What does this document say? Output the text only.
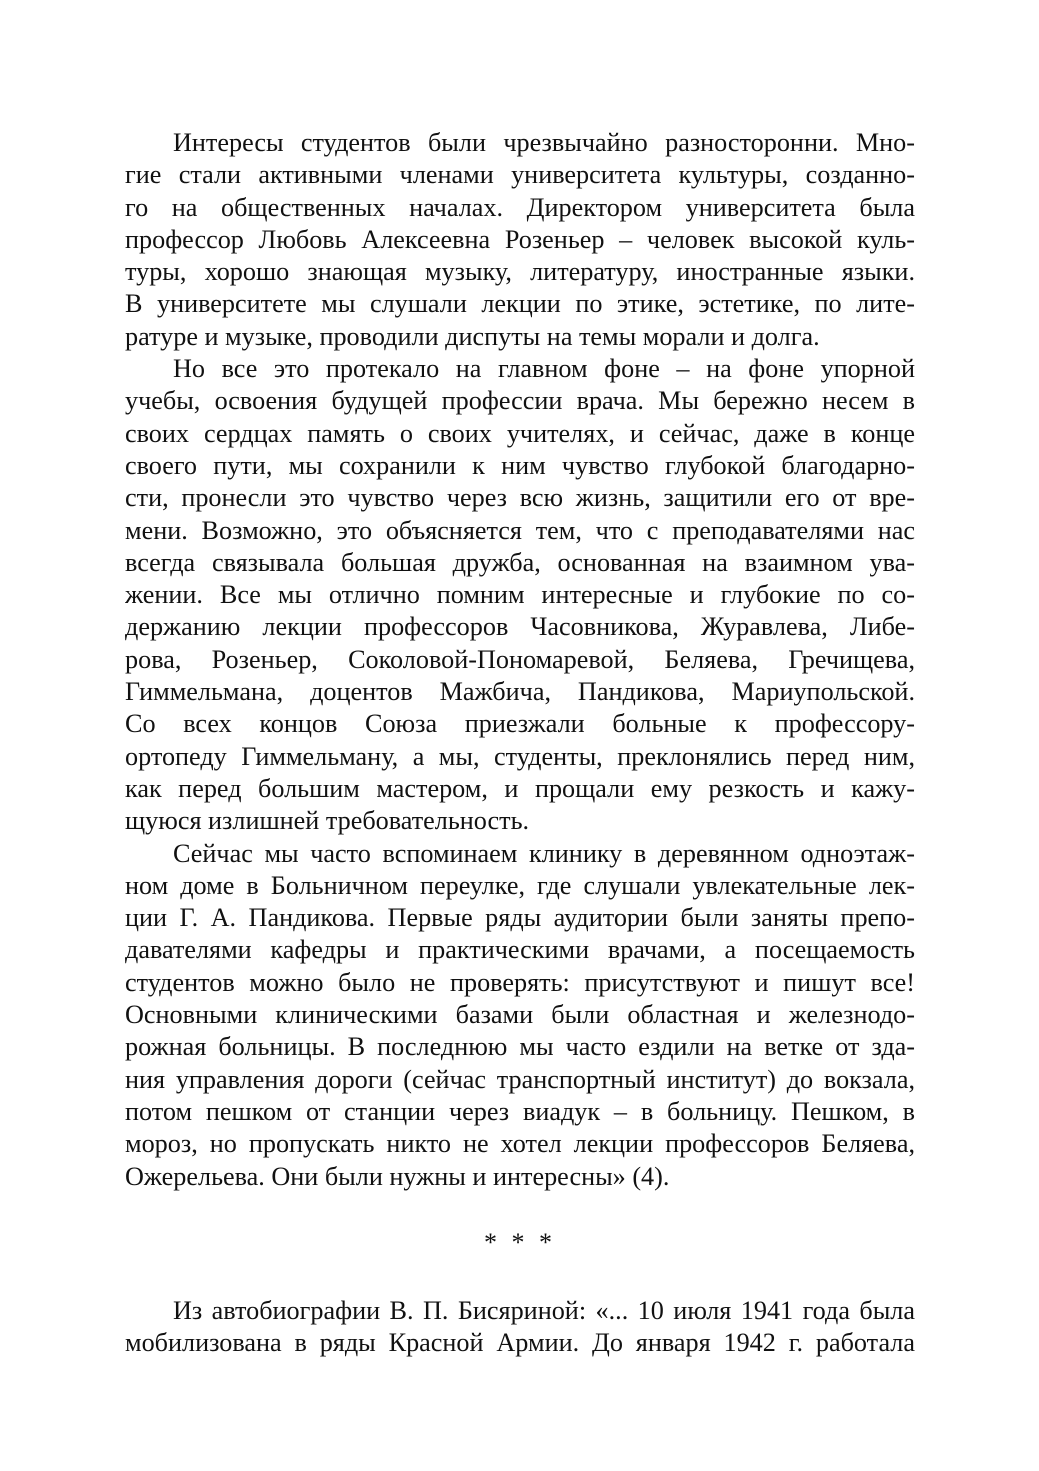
Интересы студентов были чрезвычайно разносторонни. Мно-
гие стали активными членами университета культуры, созданно-
го на общественных началах. Директором университета была
профессор Любовь Алексеевна Розеньер – человек высокой куль-
туры, хорошо знающая музыку, литературу, иностранные языки.
В университете мы слушали лекции по этике, эстетике, по лите-
ратуре и музыке, проводили диспуты на темы морали и долга.
Но все это протекало на главном фоне – на фоне упорной
учебы, освоения будущей профессии врача. Мы бережно несем в
своих сердцах память о своих учителях, и сейчас, даже в конце
своего пути, мы сохранили к ним чувство глубокой благодарно-
сти, пронесли это чувство через всю жизнь, защитили его от вре-
мени. Возможно, это объясняется тем, что с преподавателями нас
всегда связывала большая дружба, основанная на взаимном ува-
жении. Все мы отлично помним интересные и глубокие по со-
держанию лекции профессоров Часовникова, Журавлева, Либе-
рова, Розеньер, Соколовой-Пономаревой, Беляева, Гречищева,
Гиммельмана, доцентов Мажбича, Пандикова, Мариупольской.
Со всех концов Союза приезжали больные к профессору-
ортопеду Гиммельману, а мы, студенты, преклонялись перед ним,
как перед большим мастером, и прощали ему резкость и кажу-
щуюся излишней требовательность.
Сейчас мы часто вспоминаем клинику в деревянном одноэтаж-
ном доме в Больничном переулке, где слушали увлекательные лек-
ции Г. А. Пандикова. Первые ряды аудитории были заняты препо-
давателями кафедры и практическими врачами, а посещаемость
студентов можно было не проверять: присутствуют и пишут все!
Основными клиническими базами были областная и железнодо-
рожная больницы. В последнюю мы часто ездили на ветке от зда-
ния управления дороги (сейчас транспортный институт) до вокзала,
потом пешком от станции через виадук – в больницу. Пешком, в
мороз, но пропускать никто не хотел лекции профессоров Беляева,
Ожерельева. Они были нужны и интересны» (4).
* * *
Из автобиографии В. П. Бисяриной: «... 10 июля 1941 года была
мобилизована в ряды Красной Армии. До января 1942 г. работала
